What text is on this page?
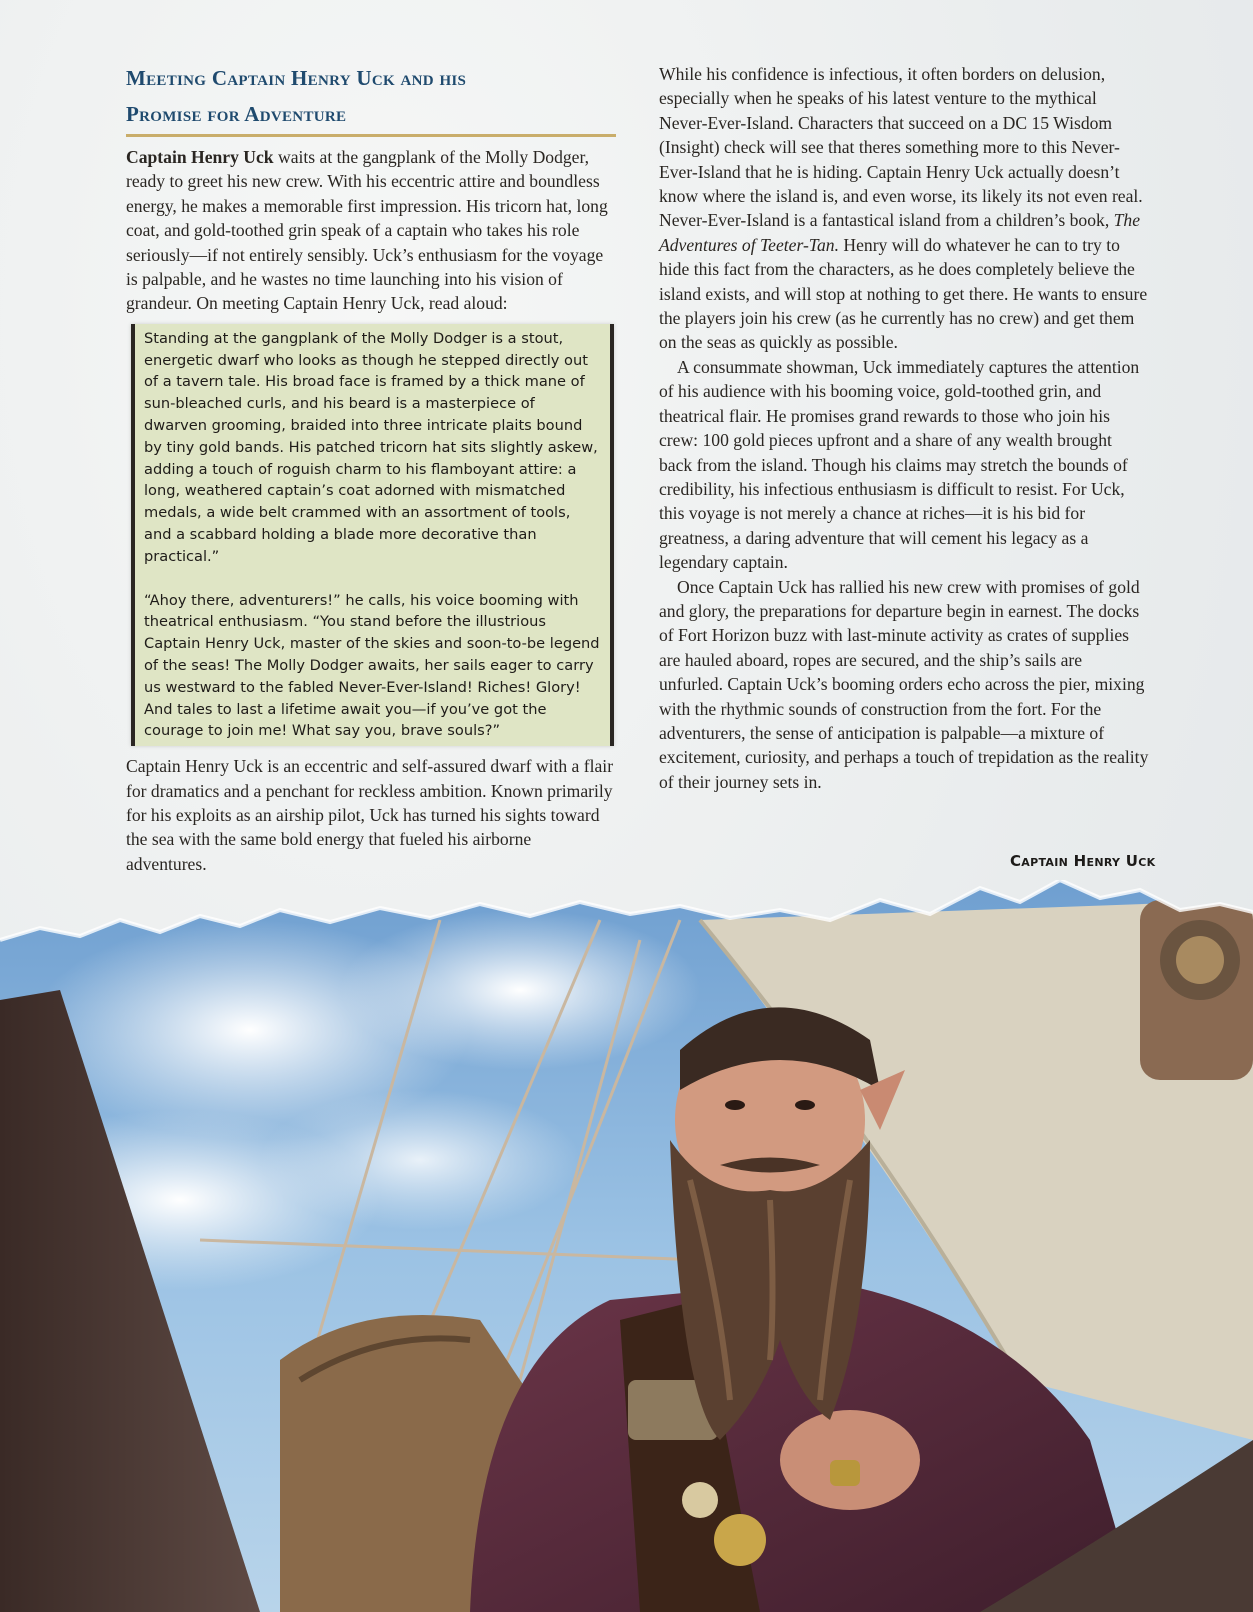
Meeting Captain Henry Uck and his
Promise for Adventure

Captain Henry Uck waits at the gangplank of the Molly Dodger, ready to greet his new crew. With his eccentric attire and boundless energy, he makes a memorable first impression. His tricorn hat, long coat, and gold-toothed grin speak of a captain who takes his role seriously—if not entirely sensibly. Uck’s enthusiasm for the voyage is palpable, and he wastes no time launching into his vision of grandeur. On meeting Captain Henry Uck, read aloud:

Standing at the gangplank of the Molly Dodger is a stout, energetic dwarf who looks as though he stepped directly out of a tavern tale. His broad face is framed by a thick mane of sun-bleached curls, and his beard is a masterpiece of dwarven grooming, braided into three intricate plaits bound by tiny gold bands. His patched tricorn hat sits slightly askew, adding a touch of roguish charm to his flamboyant attire: a long, weathered captain’s coat adorned with mismatched medals, a wide belt crammed with an assortment of tools, and a scabbard holding a blade more decorative than practical.”

“Ahoy there, adventurers!” he calls, his voice booming with theatrical enthusiasm. “You stand before the illustrious Captain Henry Uck, master of the skies and soon-to-be legend of the seas! The Molly Dodger awaits, her sails eager to carry us westward to the fabled Never-Ever-Island! Riches! Glory! And tales to last a lifetime await you—if you’ve got the courage to join me! What say you, brave souls?”

Captain Henry Uck is an eccentric and self-assured dwarf with a flair for dramatics and a penchant for reckless ambition. Known primarily for his exploits as an airship pilot, Uck has turned his sights toward the sea with the same bold energy that fueled his airborne adventures.

While his confidence is infectious, it often borders on delusion, especially when he speaks of his latest venture to the mythical Never-Ever-Island. Characters that succeed on a DC 15 Wisdom (Insight) check will see that theres something more to this Never-Ever-Island that he is hiding. Captain Henry Uck actually doesn’t know where the island is, and even worse, its likely its not even real. Never-Ever-Island is a fantastical island from a children’s book, The Adventures of Teeter-Tan. Henry will do whatever he can to try to hide this fact from the characters, as he does completely believe the island exists, and will stop at nothing to get there. He wants to ensure the players join his crew (as he currently has no crew) and get them on the seas as quickly as possible.

A consummate showman, Uck immediately captures the attention of his audience with his booming voice, gold-toothed grin, and theatrical flair. He promises grand rewards to those who join his crew: 100 gold pieces upfront and a share of any wealth brought back from the island. Though his claims may stretch the bounds of credibility, his infectious enthusiasm is difficult to resist. For Uck, this voyage is not merely a chance at riches—it is his bid for greatness, a daring adventure that will cement his legacy as a legendary captain.

Once Captain Uck has rallied his new crew with promises of gold and glory, the preparations for departure begin in earnest. The docks of Fort Horizon buzz with last-minute activity as crates of supplies are hauled aboard, ropes are secured, and the ship’s sails are unfurled. Captain Uck’s booming orders echo across the pier, mixing with the rhythmic sounds of construction from the fort. For the adventurers, the sense of anticipation is palpable—a mixture of excitement, curiosity, and perhaps a touch of trepidation as the reality of their journey sets in.

Captain Henry Uck
